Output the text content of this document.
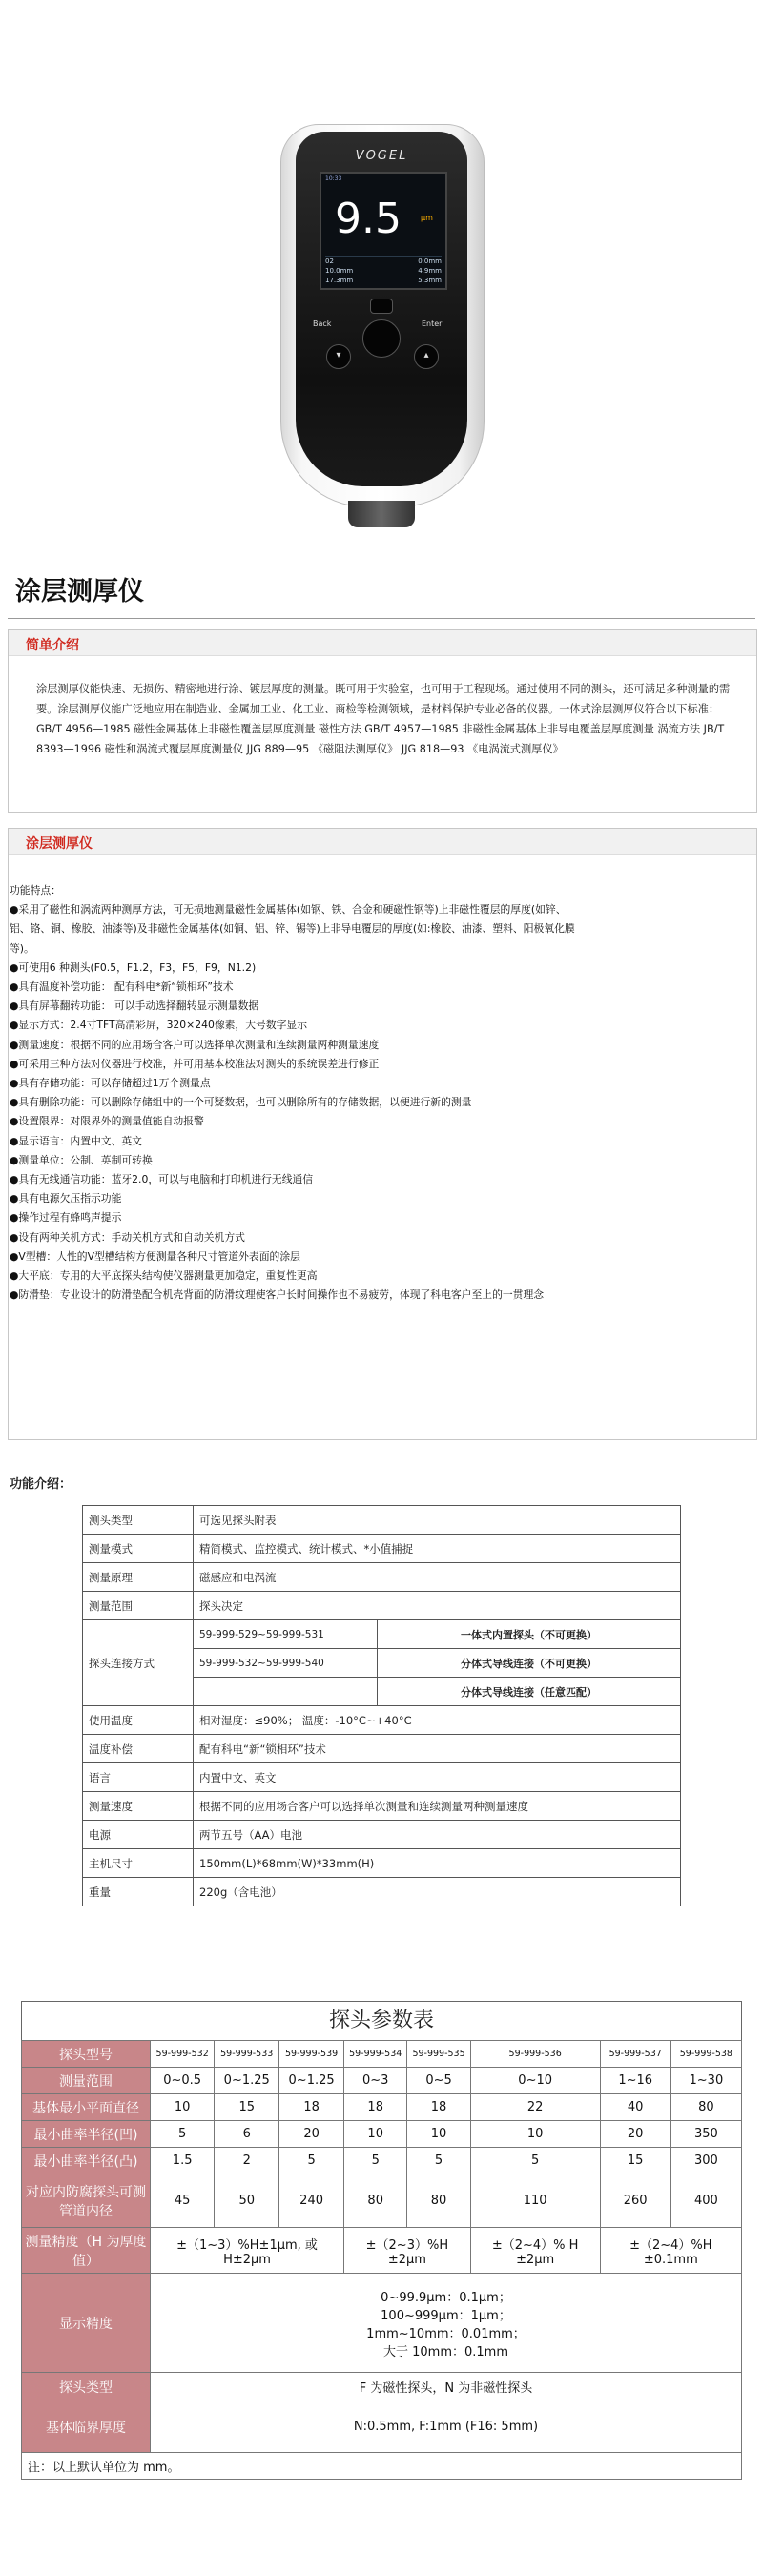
VOGEL
10:33
9.5	μm
02	0.0mm
10.0mm	4.9mm
17.3mm	5.3mm
Back	Enter
▾	▴
涂层测厚仪
简单介绍
涂层测厚仪能快速、无损伤、精密地进行涂、镀层厚度的测量。既可用于实验室，也可用于工程现场。通过使用不同的测头，还可满足多种测量的需要。涂层测厚仪能广泛地应用在制造业、金属加工业、化工业、商检等检测领域，是材料保护专业必备的仪器。一体式涂层测厚仪符合以下标准： GB/T 4956—1985 磁性金属基体上非磁性覆盖层厚度测量 磁性方法 GB/T 4957—1985 非磁性金属基体上非导电覆盖层厚度测量 涡流方法 JB/T 8393—1996 磁性和涡流式覆层厚度测量仪 JJG 889—95 《磁阻法测厚仪》 JJG 818—93 《电涡流式测厚仪》
涂层测厚仪
功能特点：
●采用了磁性和涡流两种测厚方法，可无损地测量磁性金属基体(如钢、铁、合金和硬磁性钢等)上非磁性覆层的厚度(如锌、
铝、铬、铜、橡胶、油漆等)及非磁性金属基体(如铜、铝、锌、锡等)上非导电覆层的厚度(如:橡胶、油漆、塑料、阳极氧化膜
等)。
●可使用6 种测头(F0.5，F1.2，F3，F5，F9，N1.2)
●具有温度补偿功能： 配有科电*新“锁相环”技术
●具有屏幕翻转功能： 可以手动选择翻转显示测量数据
●显示方式：2.4寸TFT高清彩屏，320×240像素，大号数字显示
●测量速度：根据不同的应用场合客户可以选择单次测量和连续测量两种测量速度
●可采用三种方法对仪器进行校准，并可用基本校准法对测头的系统误差进行修正
●具有存储功能：可以存储超过1万个测量点
●具有删除功能：可以删除存储组中的一个可疑数据，也可以删除所有的存储数据，以便进行新的测量
●设置限界：对限界外的测量值能自动报警
●显示语言：内置中文、英文
●测量单位：公制、英制可转换
●具有无线通信功能：蓝牙2.0，可以与电脑和打印机进行无线通信
●具有电源欠压指示功能
●操作过程有蜂鸣声提示
●设有两种关机方式：手动关机方式和自动关机方式
●V型槽：人性的V型槽结构方便测量各种尺寸管道外表面的涂层
●大平底：专用的大平底探头结构使仪器测量更加稳定，重复性更高
●防滑垫：专业设计的防滑垫配合机壳背面的防滑纹理使客户长时间操作也不易疲劳，体现了科电客户至上的一贯理念
功能介绍：
测头类型	可选见探头附表	
测量模式	精简模式、监控模式、统计模式、*小值捕捉	
测量原理	磁感应和电涡流	
测量范围	探头决定	
探头连接方式	59-999-529~59-999-531	一体式内置探头（不可更换）
	59-999-532~59-999-540	分体式导线连接（不可更换）
		分体式导线连接（任意匹配）
使用温度	相对湿度：≤90%； 温度：-10°C~+40°C	
温度补偿	配有科电“新“锁相环”技术	
语言	内置中文、英文	
测量速度	根据不同的应用场合客户可以选择单次测量和连续测量两种测量速度	
电源	两节五号（AA）电池	
主机尺寸	150mm(L)*68mm(W)*33mm(H)	
重量	220g（含电池）	
探头参数表
探头型号	59-999-532	59-999-533	59-999-539	59-999-534	59-999-535	59-999-536	59-999-537	59-999-538
测量范围	0~0.5	0~1.25	0~1.25	0~3	0~5	0~10	1~16	1~30
基体最小平面直径	10	15	18	18	18	22	40	80
最小曲率半径(凹)	5	6	20	10	10	10	20	350
最小曲率半径(凸)	1.5	2	5	5	5	5	15	300
对应内防腐探头可测管道内径	45	50	240	80	80	110	260	400
测量精度（H 为厚度值）	±（1~3）%H±1μm, 或 H±2μm			±（2~3）%H ±2μm		±（2~4）% H ±2μm	±（2~4）%H ±0.1mm	
显示精度	0~99.9μm：0.1μm；
100~999μm：1μm；
1mm~10mm：0.01mm；
大于 10mm：0.1mm							

探头类型	F 为磁性探头，N 为非磁性探头							
基体临界厚度	N:0.5mm, F:1mm (F16: 5mm)							
注：以上默认单位为 mm。								
